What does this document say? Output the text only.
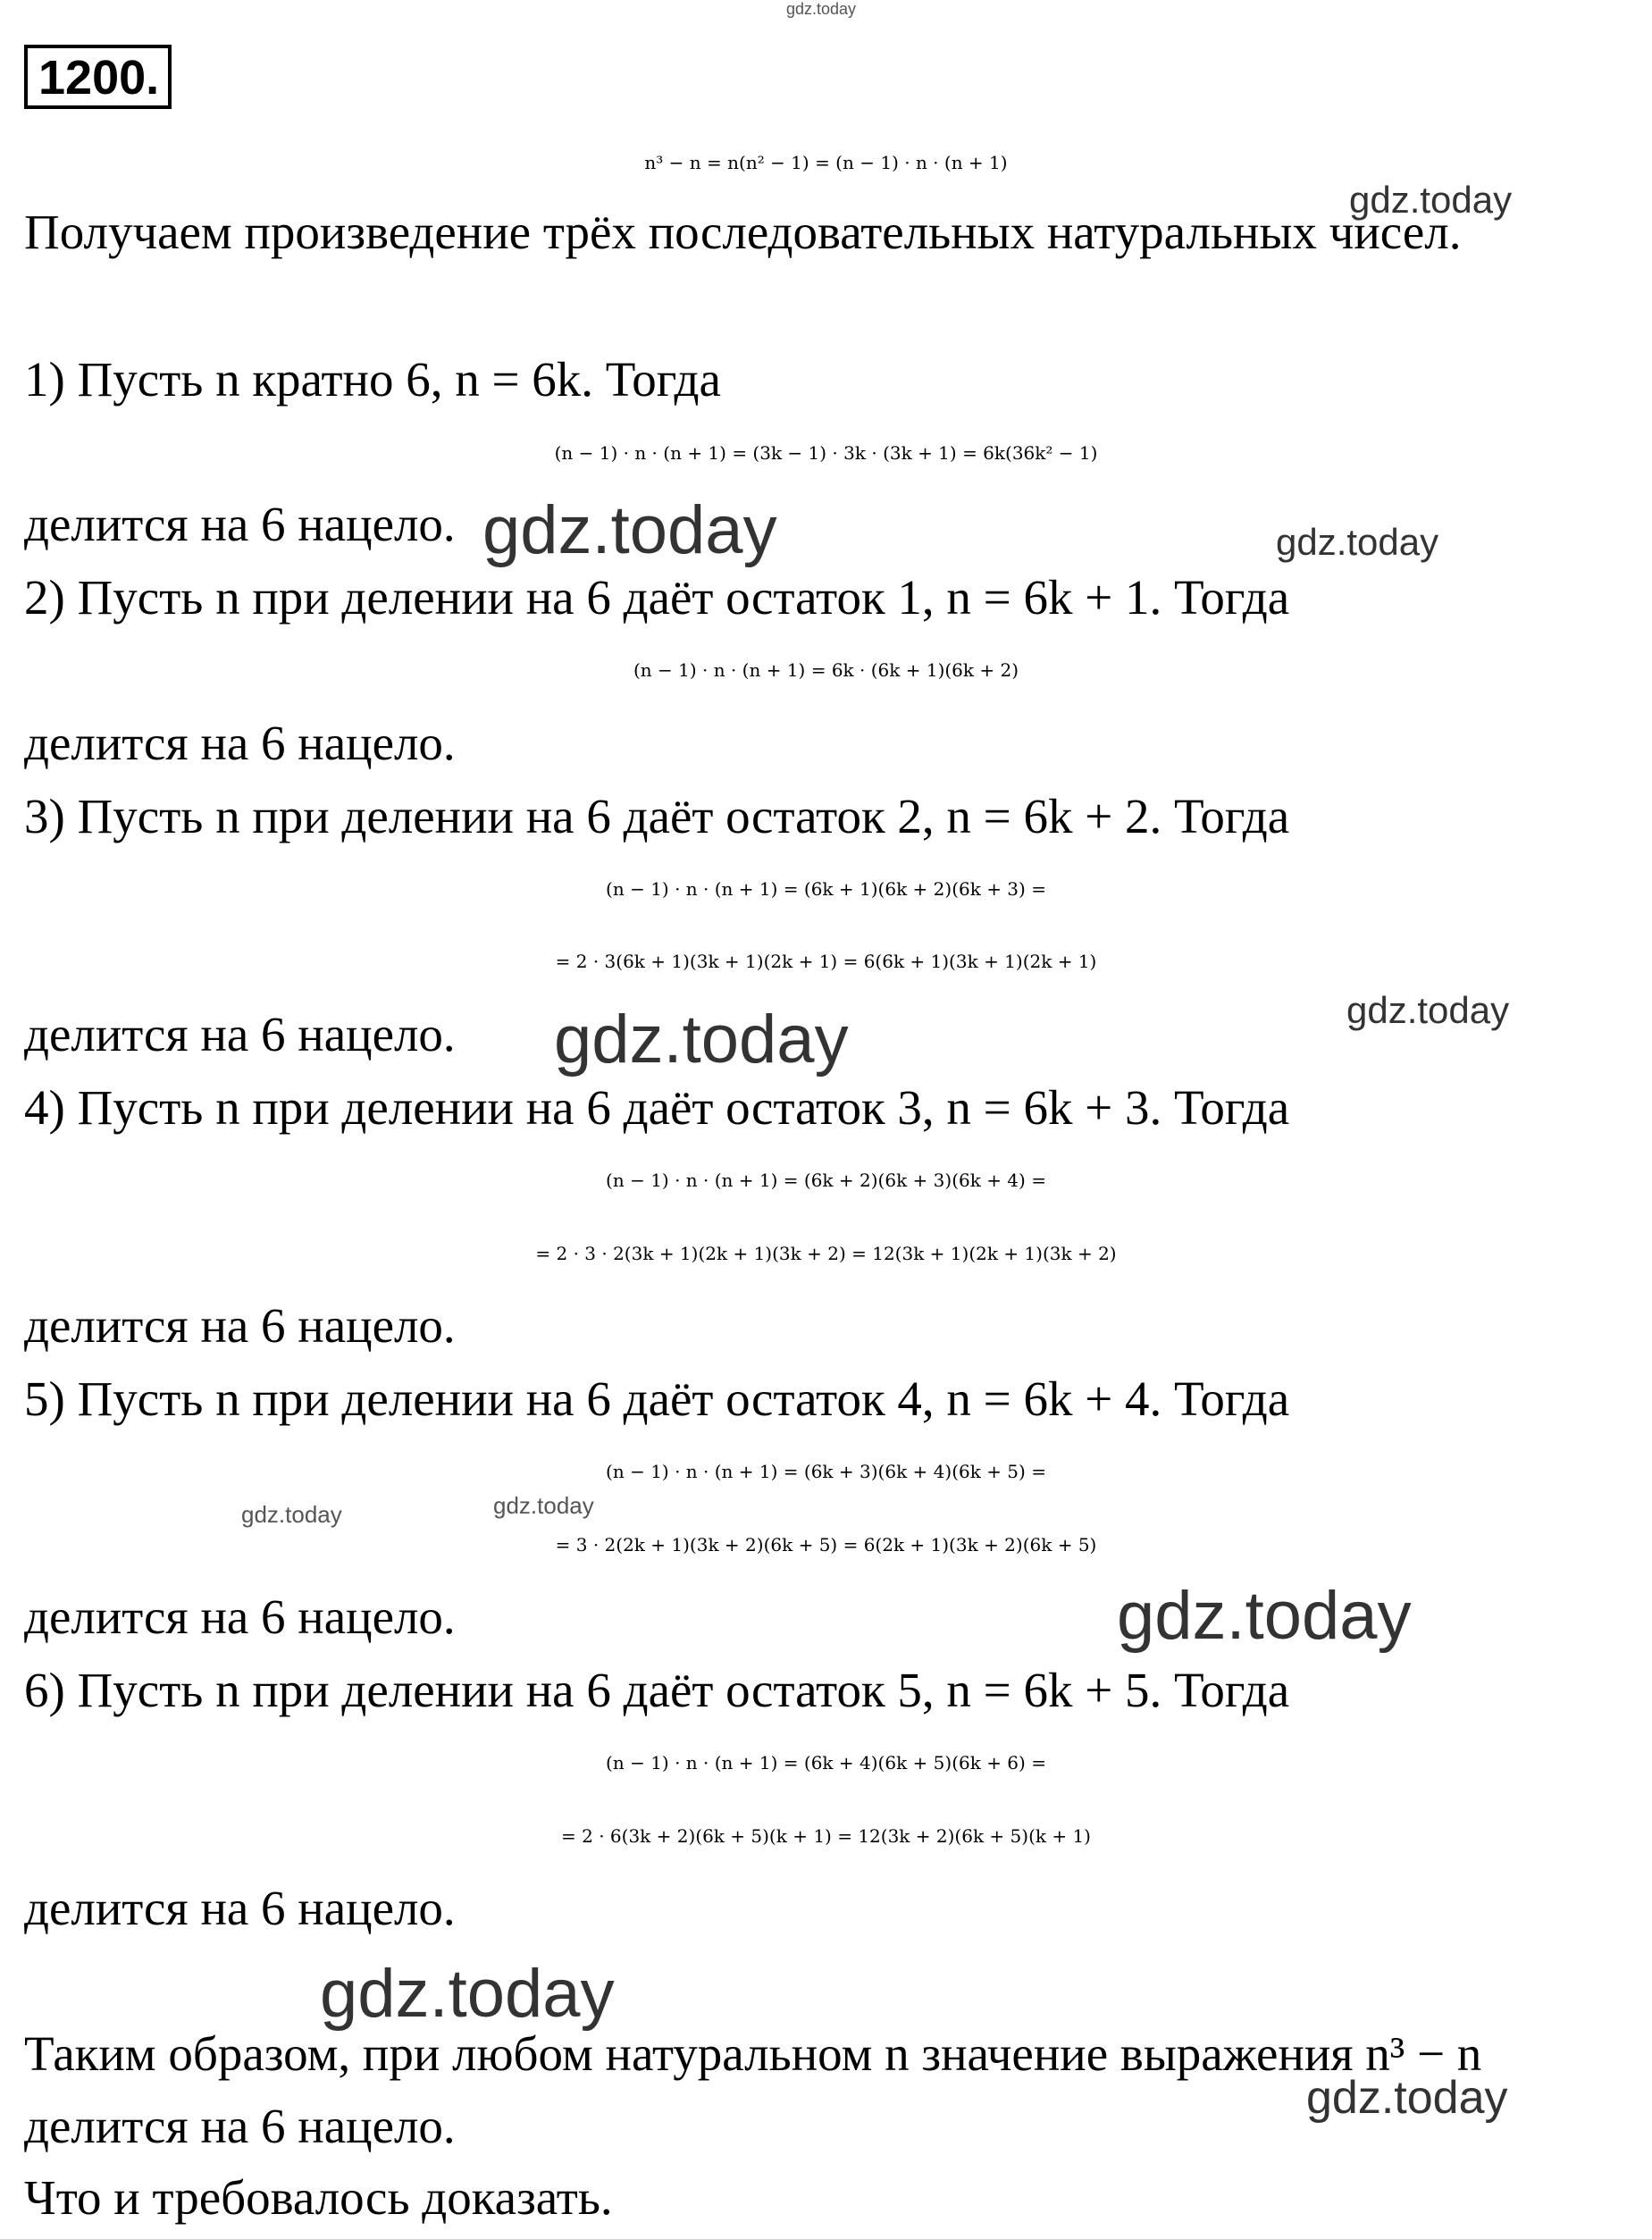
gdz.today
gdz.today
gdz.today	gdz.today
gdz.today
gdz.today
gdz.today	gdz.today
gdz.today
gdz.today
gdz.today
1200.
n³ − n = n(n² − 1) = (n − 1) · n · (n + 1)
Получаем произведение трёх последовательных натуральных чисел.
1) Пусть n кратно 6, n = 6k. Тогда
(n − 1) · n · (n + 1) = (3k − 1) · 3k · (3k + 1) = 6k(36k² − 1)
делится на 6 нацело.
2) Пусть n при делении на 6 даёт остаток 1, n = 6k + 1. Тогда
(n − 1) · n · (n + 1) = 6k · (6k + 1)(6k + 2)
делится на 6 нацело.
3) Пусть n при делении на 6 даёт остаток 2, n = 6k + 2. Тогда
(n − 1) · n · (n + 1) = (6k + 1)(6k + 2)(6k + 3) =
= 2 · 3(6k + 1)(3k + 1)(2k + 1) = 6(6k + 1)(3k + 1)(2k + 1)
делится на 6 нацело.
4) Пусть n при делении на 6 даёт остаток 3, n = 6k + 3. Тогда
(n − 1) · n · (n + 1) = (6k + 2)(6k + 3)(6k + 4) =
= 2 · 3 · 2(3k + 1)(2k + 1)(3k + 2) = 12(3k + 1)(2k + 1)(3k + 2)
делится на 6 нацело.
5) Пусть n при делении на 6 даёт остаток 4, n = 6k + 4. Тогда
(n − 1) · n · (n + 1) = (6k + 3)(6k + 4)(6k + 5) =
= 3 · 2(2k + 1)(3k + 2)(6k + 5) = 6(2k + 1)(3k + 2)(6k + 5)
делится на 6 нацело.
6) Пусть n при делении на 6 даёт остаток 5, n = 6k + 5. Тогда
(n − 1) · n · (n + 1) = (6k + 4)(6k + 5)(6k + 6) =
= 2 · 6(3k + 2)(6k + 5)(k + 1) = 12(3k + 2)(6k + 5)(k + 1)
делится на 6 нацело.
Таким образом, при любом натуральном n значение выражения n³ − n
делится на 6 нацело.
Что и требовалось доказать.
